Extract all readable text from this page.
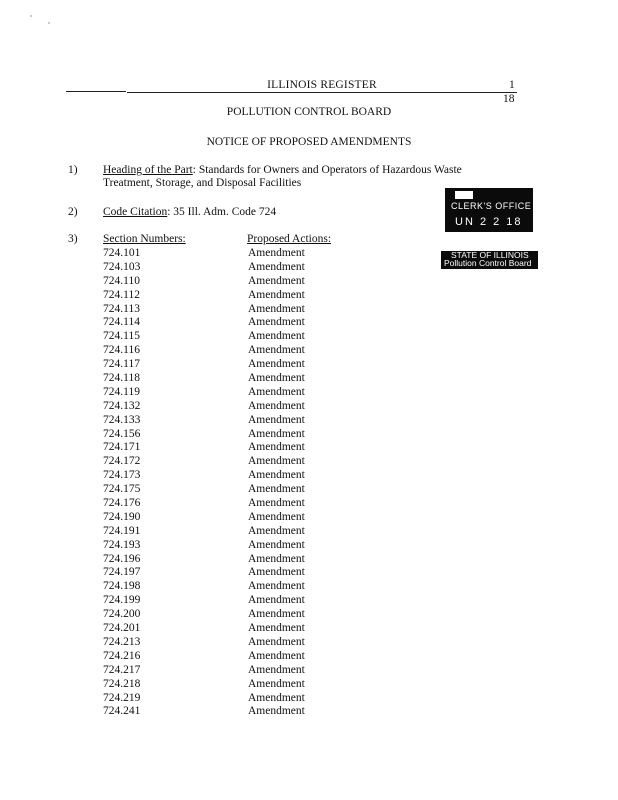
ILLINOIS REGISTER	1
18
POLLUTION CONTROL BOARD
NOTICE OF PROPOSED AMENDMENTS
1) Heading of the Part: Standards for Owners and Operators of Hazardous Waste
Treatment, Storage, and Disposal Facilities
2) Code Citation: 35 Ill. Adm. Code 724
3) Section Numbers:	Proposed Actions:
724.101	Amendment
724.103	Amendment
724.110	Amendment
724.112	Amendment
724.113	Amendment
724.114	Amendment
724.115	Amendment
724.116	Amendment
724.117	Amendment
724.118	Amendment
724.119	Amendment
724.132	Amendment
724.133	Amendment
724.156	Amendment
724.171	Amendment
724.172	Amendment
724.173	Amendment
724.175	Amendment
724.176	Amendment
724.190	Amendment
724.191	Amendment
724.193	Amendment
724.196	Amendment
724.197	Amendment
724.198	Amendment
724.199	Amendment
724.200	Amendment
724.201	Amendment
724.213	Amendment
724.216	Amendment
724.217	Amendment
724.218	Amendment
724.219	Amendment
724.241	Amendment
CLERK'S OFFICE
UN 2 2 18
STATE OF ILLINOIS
Pollution Control Board
